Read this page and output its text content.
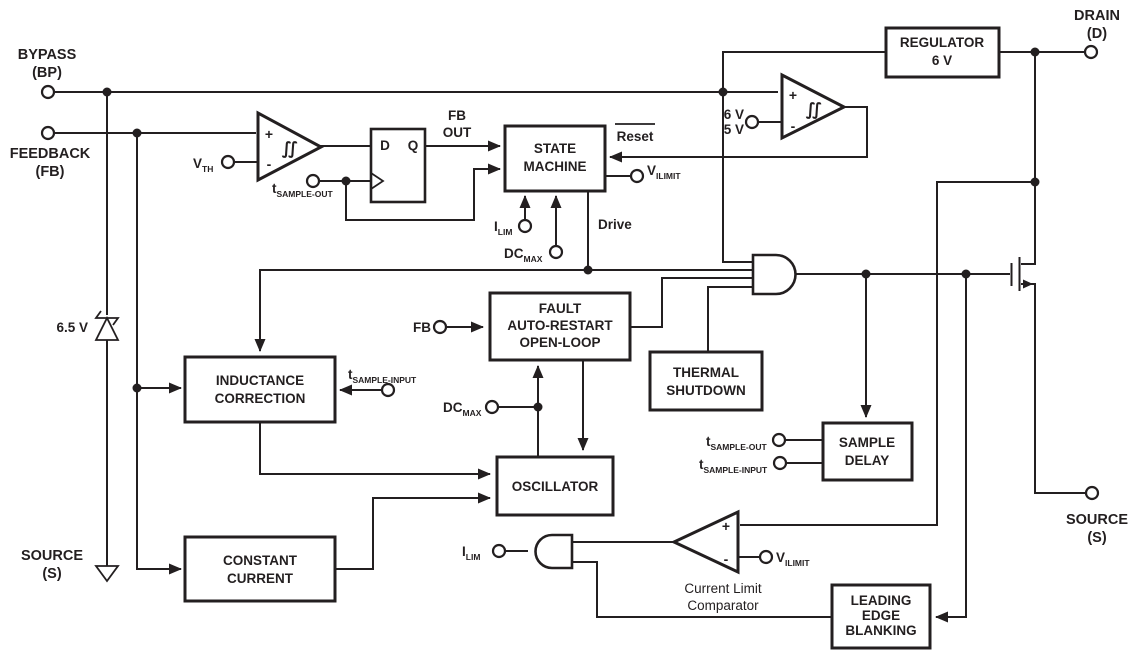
+
-
∫∫
+
-
∫∫
+
-
D Q
REGULATOR
6 V
STATE
MACHINE
FAULT
AUTO-RESTART
OPEN-LOOP
THERMAL
SHUTDOWN
INDUCTANCE
CORRECTION
OSCILLATOR
SAMPLE
DELAY
CONSTANT
CURRENT
LEADING
EDGE
BLANKING
BYPASS
(BP)
FEEDBACK
(FB)
DRAIN
(D)
SOURCE
(S)
SOURCE
(S)
6.5 V
$V_{TH}$
$t_{SAMPLE-OUT}$
FB
OUT	Reset
$V_{ILIMIT}$
$I_{LIM}$
$DC_{MAX}$
Drive
6 V
5 V
FB
$t_{SAMPLE-INPUT}$
$DC_{MAX}$
$t_{SAMPLE-OUT}$
$t_{SAMPLE-INPUT}$
$I_{LIM}$	$V_{ILIMIT}$
Current Limit
Comparator
